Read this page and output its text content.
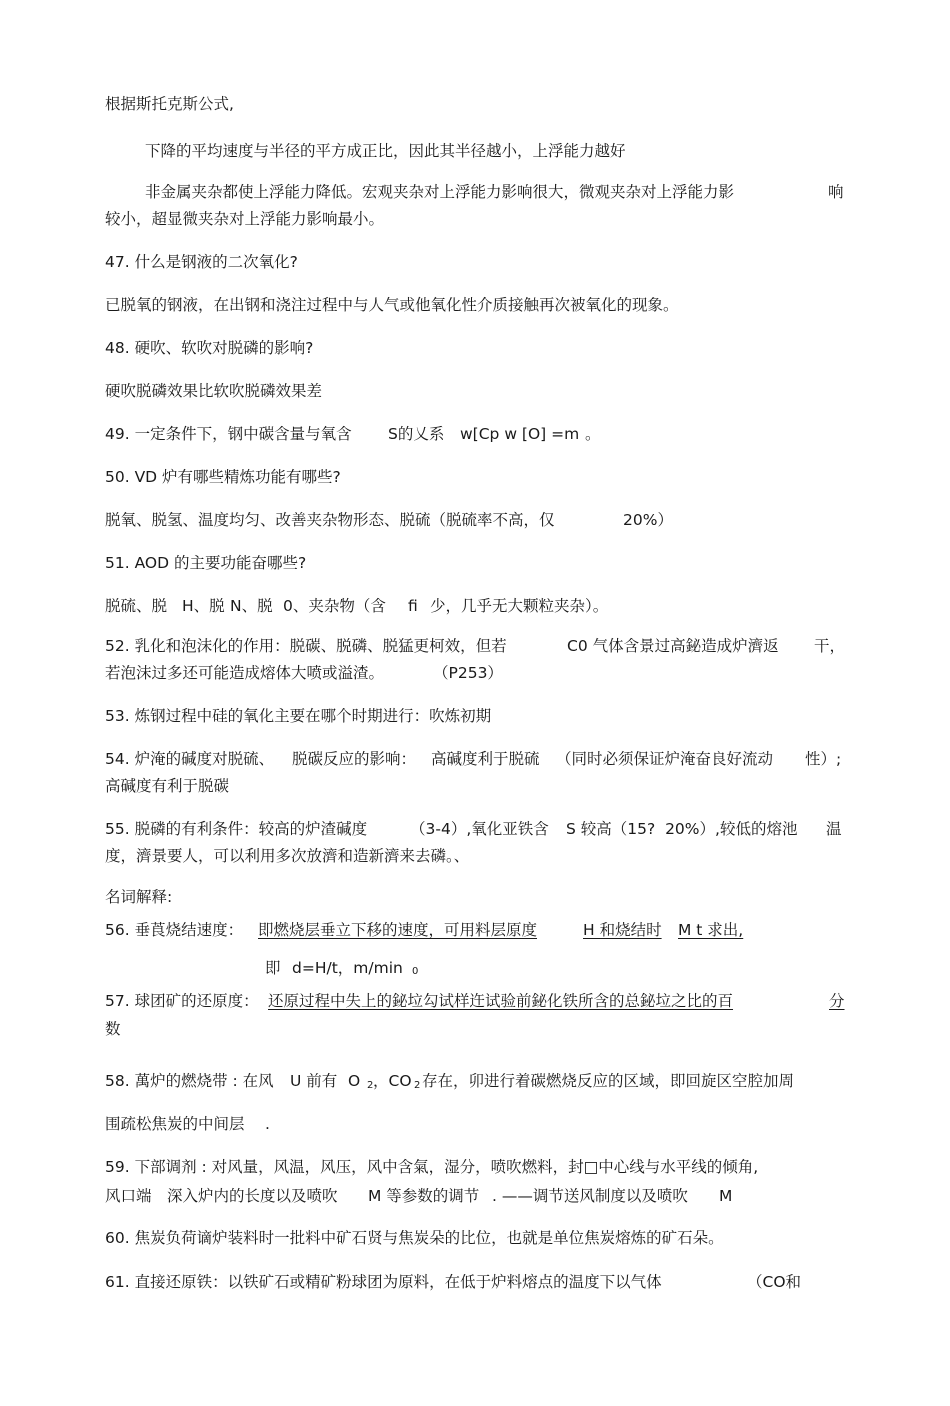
根据斯托克斯公式,
下降的平均速度与半径的平方成正比，因此其半径越小，上浮能力越好
非金属夹杂都使上浮能力降低。宏观夹杂对上浮能力影响很大，微观夹杂对上浮能力影	响
较小，超显微夹杂对上浮能力影响最小。
47. 什么是钢液的二次氧化?
已脱氧的钢液，在出钢和浇注过程中与人气或他氧化性介质接触再次被氧化的现象。
48. 硬吹、软吹对脱磷的影响?
硬吹脱磷效果比软吹脱磷效果差
49. 一定条件下，钢中碳含量与氧含 S的乂系 w[Cp w [O] =m 。
50. VD 炉有哪些精炼功能有哪些?
脱氧、脱氢、温度均匀、改善夹杂物形态、脱硫（脱硫率不高，仅	20%）
51. AOD 的主要功能奋哪些?
脱硫、脱 H、脱 N、脱 0、夹杂物（含 fi 少，几乎无大颗粒夹杂）。
52. 乳化和泡沫化的作用：脱碳、脱磷、脱猛更柯效，但若	C0 气体含景过高鉍造成炉濟返 干，
若泡沫过多还可能造成熔体大喷或溢渣。	（P253）
53. 炼钢过程中硅的氧化主要在哪个时期进行：吹炼初期
54. 炉淹的碱度对脱硫、 脱碳反应的影响： 高碱度利于脱硫 （同时必须保证炉淹奋良好流动 性）;
高碱度有利于脱碳
55. 脱磷的有利条件：较高的炉渣碱度	（3-4）,氧化亚铁含 S 较高（15?  20%）,较低的熔池 温
度，濟景要人，可以利用多次放濟和造新濟来去磷。、
名词解释:
56. 垂莨烧结速度： 即燃烧层垂立下移的速度，可用料层原度	H 和烧结时 M t 求出,
即 d=H/t，m/min 0
57. 球团矿的还原度： 还原过程中失上的鉍垃勾试样迕试验前鉍化铁所含的总鉍垃之比的百	分
数
58. 萬炉的燃烧带 : 在风 U 前有 O 2 ，CO 2 存在，卯进行着碳燃烧反应的区域，即回旋区空腔加周
围疏松焦炭的中间层 .
59. 下部调剂 : 对风量，风温，风压，风中含氣，湿分，喷吹燃料，封□中心线与水平线的倾角,
风口端 深入炉内的长度以及喷吹 M 等参数的调节 . ——调节送风制度以及喷吹 M
60. 焦炭负荷谪炉装料时一批料中矿石贤与焦炭朵的比位，也就是单位焦炭熔炼的矿石朵。
61. 直接还原铁：以铁矿石或精矿粉球团为原料，在低于炉料熔点的温度下以气体	（CO和
